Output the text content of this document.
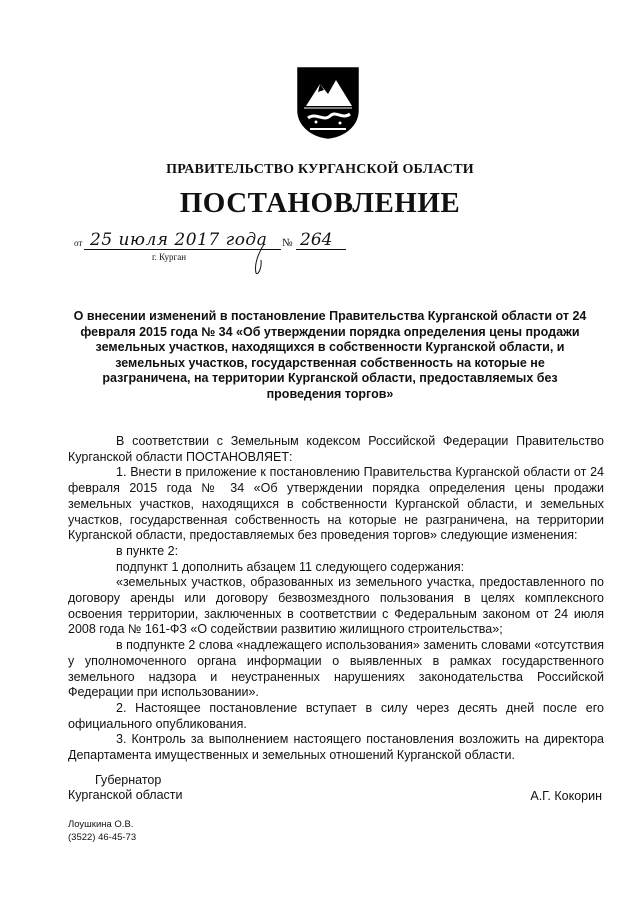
ПРАВИТЕЛЬСТВО КУРГАНСКОЙ ОБЛАСТИ
ПОСТАНОВЛЕНИЕ
от 25 июля 2017 года № 264
г. Курган
О внесении изменений в постановление Правительства Курганской области от 24 февраля 2015 года № 34 «Об утверждении порядка определения цены продажи земельных участков, находящихся в собственности Курганской области, и земельных участков, государственная собственность на которые не разграничена, на территории Курганской области, предоставляемых без проведения торгов»

В соответствии с Земельным кодексом Российской Федерации Правительство Курганской области ПОСТАНОВЛЯЕТ:

1. Внести в приложение к постановлению Правительства Курганской области от 24 февраля 2015 года № 34 «Об утверждении порядка определения цены продажи земельных участков, находящихся в собственности Курганской области, и земельных участков, государственная собственность на которые не разграничена, на территории Курганской области, предоставляемых без проведения торгов» следующие изменения:

в пункте 2:

подпункт 1 дополнить абзацем 11 следующего содержания:

«земельных участков, образованных из земельного участка, предоставленного по договору аренды или договору безвозмездного пользования в целях комплексного освоения территории, заключенных в соответствии с Федеральным законом от 24 июля 2008 года № 161-ФЗ «О содействии развитию жилищного строительства»;

в подпункте 2 слова «надлежащего использования» заменить словами «отсутствия у уполномоченного органа информации о выявленных в рамках государственного земельного надзора и неустраненных нарушениях законодательства Российской Федерации при использовании».

2. Настоящее постановление вступает в силу через десять дней после его официального опубликования.

3. Контроль за выполнением настоящего постановления возложить на директора Департамента имущественных и земельных отношений Курганской области.

Губернатор
Курганской области	А.Г. Кокорин
Лоушкина О.В.
(3522) 46-45-73
